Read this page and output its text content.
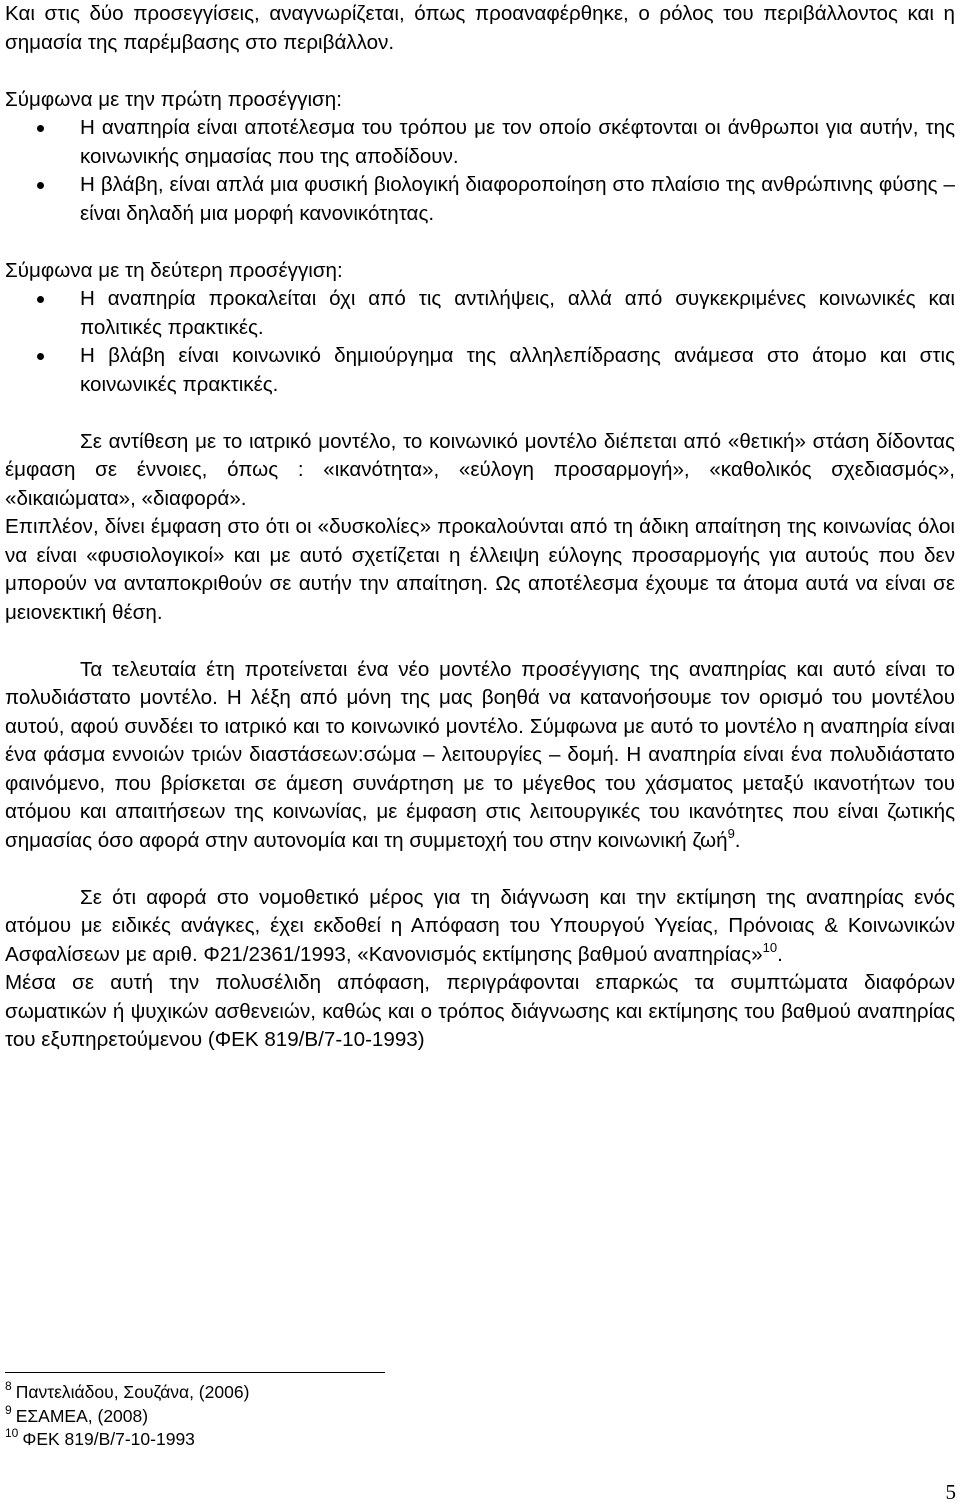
Και στις δύο προσεγγίσεις, αναγνωρίζεται, όπως προαναφέρθηκε, ο ρόλος του περιβάλλοντος και η σημασία της παρέμβασης στο περιβάλλον.

Σύμφωνα με την πρώτη προσέγγιση:

Η αναπηρία είναι αποτέλεσμα του τρόπου με τον οποίο σκέφτονται οι άνθρωποι για αυτήν, της κοινωνικής σημασίας που της αποδίδουν.
Η βλάβη, είναι απλά μια φυσική βιολογική διαφοροποίηση στο πλαίσιο της ανθρώπινης φύσης – είναι δηλαδή μια μορφή κανονικότητας.

Σύμφωνα με τη δεύτερη προσέγγιση:

Η αναπηρία προκαλείται όχι από τις αντιλήψεις, αλλά από συγκεκριμένες κοινωνικές και πολιτικές πρακτικές.
Η βλάβη είναι κοινωνικό δημιούργημα της αλληλεπίδρασης ανάμεσα στο άτομο και στις κοινωνικές πρακτικές.

Σε αντίθεση με το ιατρικό μοντέλο, το κοινωνικό μοντέλο διέπεται από «θετική» στάση δίδοντας έμφαση σε έννοιες, όπως : «ικανότητα», «εύλογη προσαρμογή», «καθολικός σχεδιασμός», «δικαιώματα», «διαφορά».

Επιπλέον, δίνει έμφαση στο ότι οι «δυσκολίες» προκαλούνται από τη άδικη απαίτηση της κοινωνίας όλοι να είναι «φυσιολογικοί» και με αυτό σχετίζεται η έλλειψη εύλογης προσαρμογής για αυτούς που δεν μπορούν να ανταποκριθούν σε αυτήν την απαίτηση. Ως αποτέλεσμα έχουμε τα άτομα αυτά να είναι σε μειονεκτική θέση.

Τα τελευταία έτη προτείνεται ένα νέο μοντέλο προσέγγισης της αναπηρίας και αυτό είναι το πολυδιάστατο μοντέλο. Η λέξη από μόνη της μας βοηθά να κατανοήσουμε τον ορισμό του μοντέλου αυτού, αφού συνδέει το ιατρικό και το κοινωνικό μοντέλο. Σύμφωνα με αυτό το μοντέλο η αναπηρία είναι ένα φάσμα εννοιών τριών διαστάσεων:σώμα – λειτουργίες – δομή. Η αναπηρία είναι ένα πολυδιάστατο φαινόμενο, που βρίσκεται σε άμεση συνάρτηση με το μέγεθος του χάσματος μεταξύ ικανοτήτων του ατόμου και απαιτήσεων της κοινωνίας, με έμφαση στις λειτουργικές του ικανότητες που είναι ζωτικής σημασίας όσο αφορά στην αυτονομία και τη συμμετοχή του στην κοινωνική ζωή$^9$.

Σε ότι αφορά στο νομοθετικό μέρος για τη διάγνωση και την εκτίμηση της αναπηρίας ενός ατόμου με ειδικές ανάγκες, έχει εκδοθεί η Απόφαση του Υπουργού Υγείας, Πρόνοιας & Κοινωνικών Ασφαλίσεων με αριθ. Φ21/2361/1993, «Κανονισμός εκτίμησης βαθμού αναπηρίας»$^{10}$.

Μέσα σε αυτή την πολυσέλιδη απόφαση, περιγράφονται επαρκώς τα συμπτώματα διαφόρων σωματικών ή ψυχικών ασθενειών, καθώς και ο τρόπος διάγνωσης και εκτίμησης του βαθμού αναπηρίας του εξυπηρετούμενου (ΦΕΚ 819/Β/7-10-1993)

$^8$ Παντελιάδου, Σουζάνα, (2006)
$^9$ ΕΣΑΜΕΑ, (2008)
$^{10}$ ΦΕΚ 819/Β/7-10-1993
5
